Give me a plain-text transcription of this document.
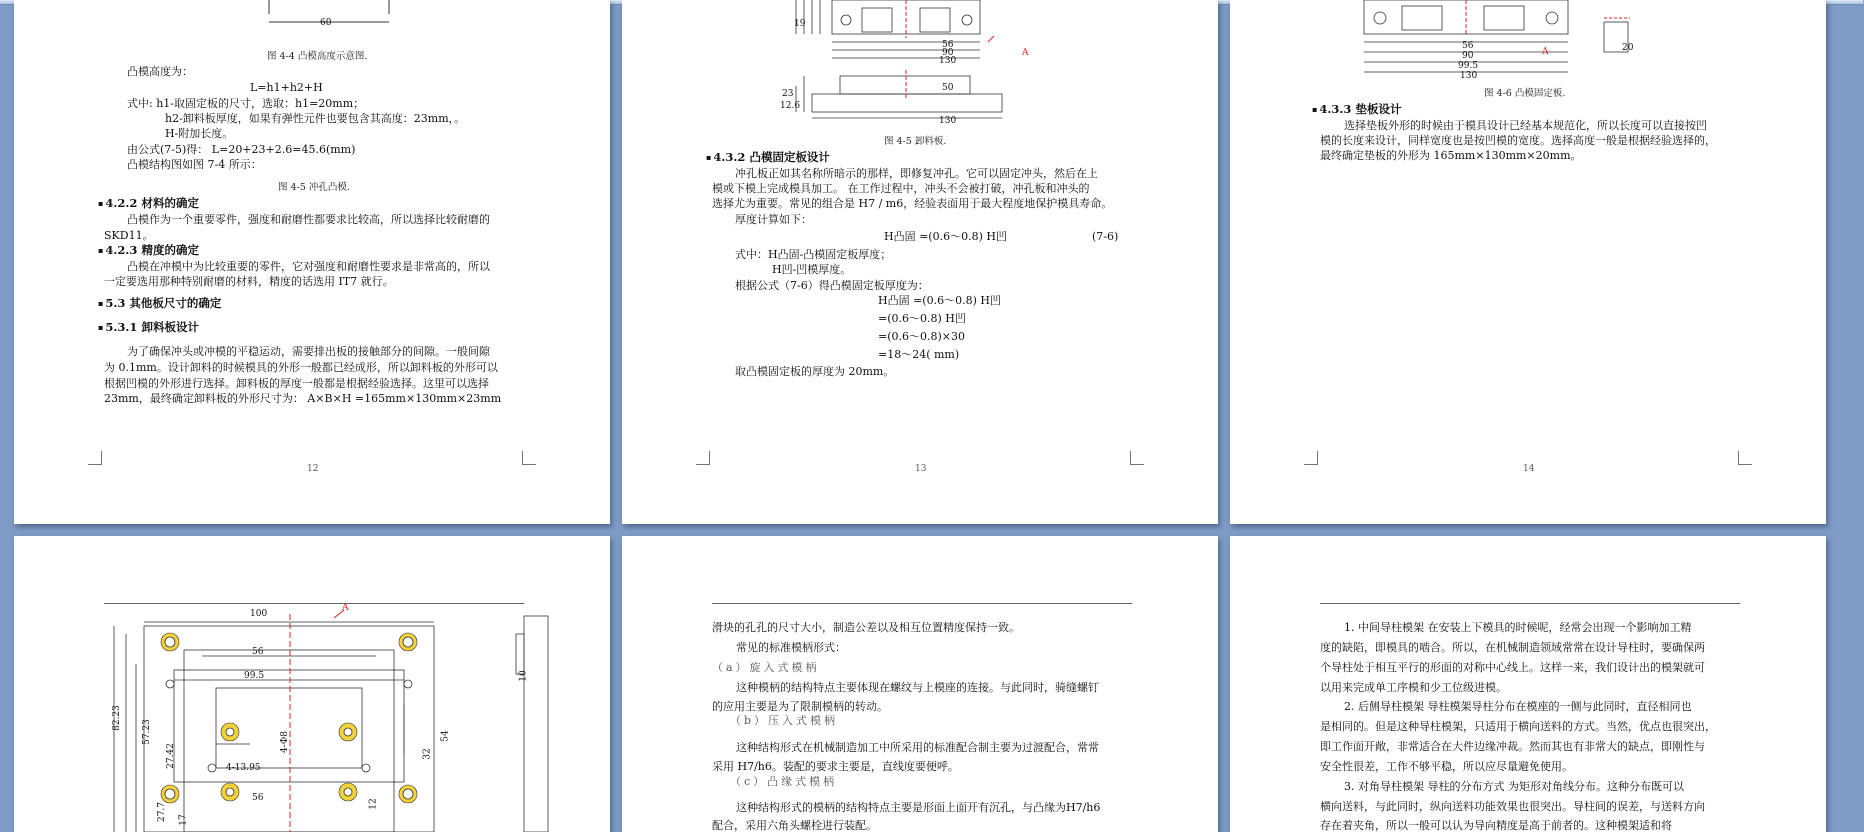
60
图 4-4 凸模高度示意图.
凸模高度为：
L=h1+h2+H
式中: h1-取固定板的尺寸，选取：h1=20mm；
h2-卸料板厚度，如果有弹性元件也要包含其高度：23mm，。
H-附加长度。
由公式(7-5)得： L=20+23+2.6=45.6(mm)
凸模结构图如图 7-4 所示：
图 4-5 冲孔凸模.
▪ 4.2.2 材料的确定
凸模作为一个重要零件，强度和耐磨性都要求比较高，所以选择比较耐磨的
SKD11。
▪ 4.2.3 精度的确定
凸模在冲模中为比较重要的零件，它对强度和耐磨性要求是非常高的，所以
一定要选用那种特别耐磨的材料，精度的话选用 IT7 就行。
▪ 5.3 其他板尺寸的确定
▪ 5.3.1 卸料板设计
为了确保冲头或冲模的平稳运动，需要排出板的接触部分的间隙。一般间隙
为 0.1mm。设计卸料的时候模具的外形一般都已经成形，所以卸料板的外形可以
根据凹模的外形进行选择。卸料板的厚度一般都是根据经验选择。这里可以选择
23mm，最终确定卸料板的外形尺寸为： A×B×H =165mm×130mm×23mm
12
19
56
90
130
A
50
23
12.6
130
图 4-5 卸料板.
▪ 4.3.2 凸模固定板设计
冲孔板正如其名称所暗示的那样，即修复冲孔。它可以固定冲头，然后在上
模或下模上完成模具加工。 在工作过程中，冲头不会被打破，冲孔板和冲头的
选择尤为重要。常见的组合是 H7 / m6，经验表面用于最大程度地保护模具寿命。
厚度计算如下：
H凸固 =(0.6～0.8) H凹	(7-6)
式中：H凸固-凸模固定板厚度；
H凹-凹模厚度。
根据公式（7-6）得凸模固定板厚度为：
H凸固 =(0.6～0.8) H凹
=(0.6～0.8) H凹
=(0.6～0.8)×30
=18～24( mm)
取凸模固定板的厚度为 20mm。
13
56
90
99.5
130
A	20
图 4-6 凸模固定板.
▪ 4.3.3 垫板设计
选择垫板外形的时候由于模具设计已经基本规范化，所以长度可以直接按凹
模的长度来设计，同样宽度也是按凹模的宽度。选择高度一般是根据经验选择的，
最终确定垫板的外形为 165mm×130mm×20mm。
14
100
A
56
99.5
82.23
57.23
27.42
4-Φ8
4-13.95
32
54
56
12
27.7 17
10
滑块的孔孔的尺寸大小，制造公差以及相互位置精度保持一致。
常见的标准模柄形式：
（a）旋入式模柄
这种模柄的结构特点主要体现在螺纹与上模座的连接。与此同时，骑缝螺钉
的应用主要是为了限制模柄的转动。
（b）压入式模柄
这种结构形式在机械制造加工中所采用的标准配合制主要为过渡配合，常常
采用 H7/h6。装配的要求主要是，直线度要便呼。
（c）凸缘式模柄
这种结构形式的模柄的结构特点主要是形面上面开有沉孔，与凸缘为H7/h6
配合，采用六角头螺栓进行装配。
1. 中间导柱模架 在安装上下模具的时候呢，经常会出现一个影响加工精
度的缺陷，即模具的啮合。所以，在机械制造领域常常在设计导柱时，要确保两
个导柱处于相互平行的形面的对称中心线上。这样一来，我们设计出的模架就可
以用来完成单工序模和少工位级进模。
2. 后侧导柱模架 导柱模架导柱分布在模座的一侧与此同时，直径相同也
是相同的。但是这种导柱模架，只适用于横向送料的方式。当然，优点也很突出，
即工作面开敞，非常适合在大件边缘冲裁。然而其也有非常大的缺点，即刚性与
安全性很差，工作不够平稳，所以应尽量避免使用。
3. 对角导柱模架 导柱的分布方式 为矩形对角线分布。这种分布既可以
横向送料，与此同时，纵向送料功能效果也很突出。导柱间的误差，与送料方向
存在着夹角，所以一般可以认为导向精度是高于前者的。这种模架适和将
